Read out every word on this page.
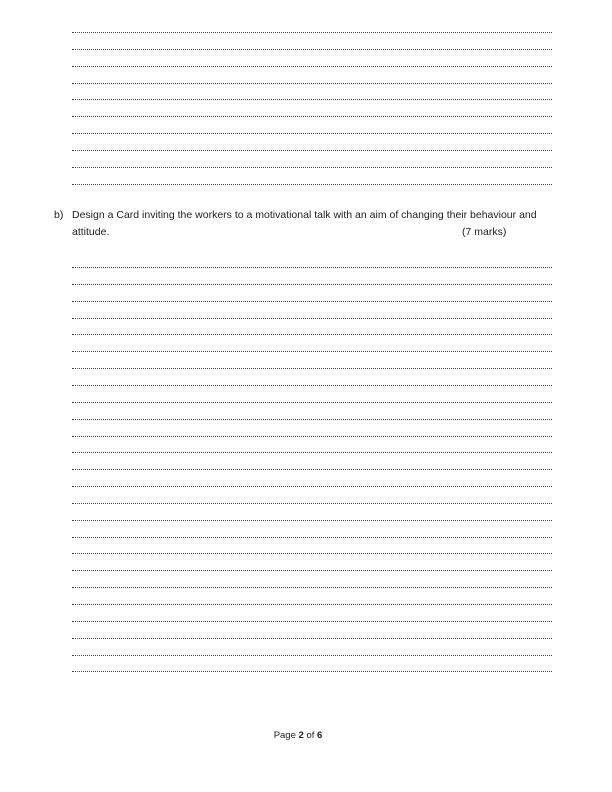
b) Design a Card inviting the workers to a motivational talk with an aim of changing their behaviour and
attitude.	(7 marks)
Page 2 of 6
